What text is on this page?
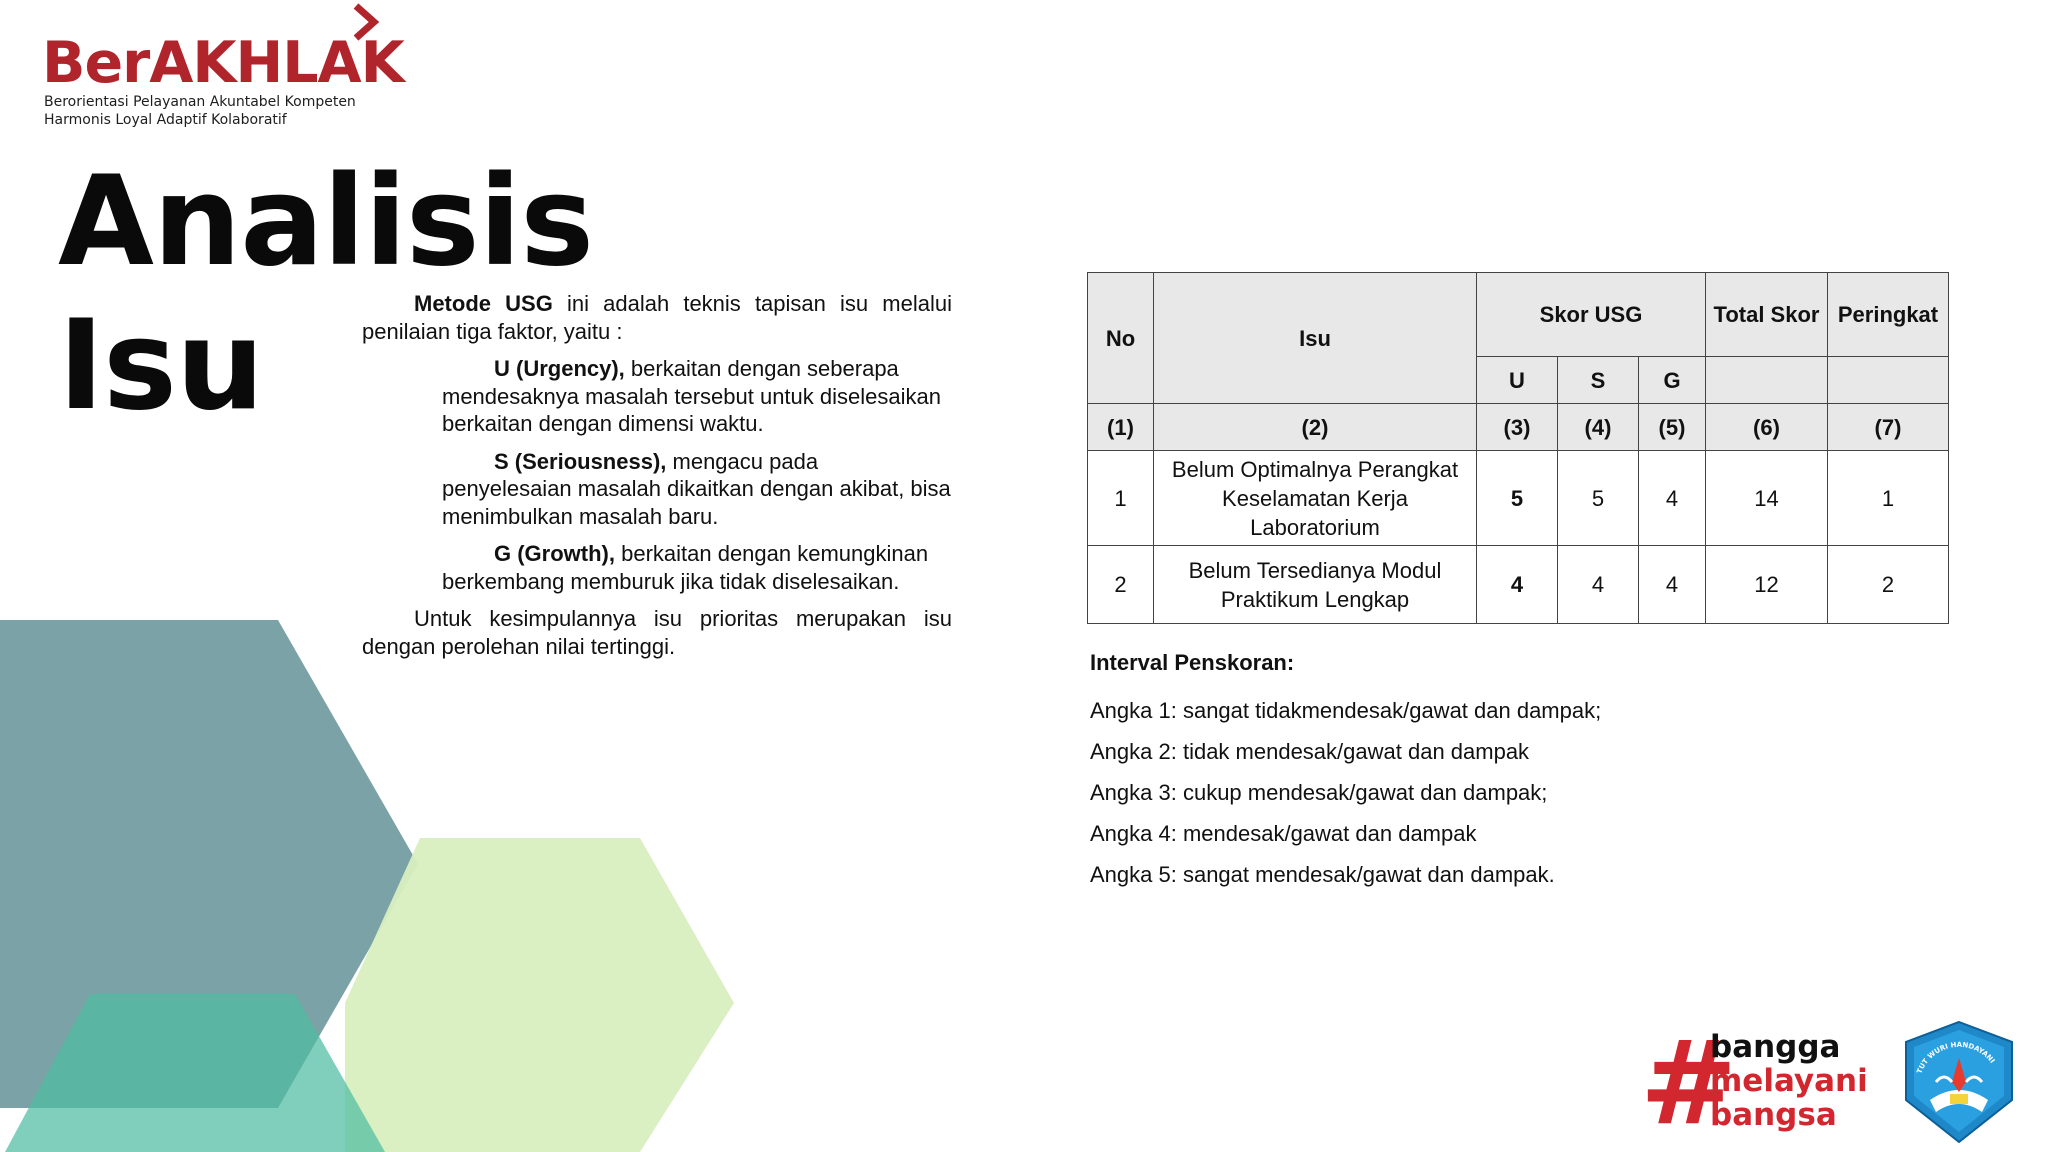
BerAKHLAK
Berorientasi Pelayanan Akuntabel Kompeten
Harmonis Loyal Adaptif Kolaboratif
Analisis
Isu	Metode USG ini adalah teknis tapisan isu melalui penilaian tiga faktor, yaitu :

U (Urgency), berkaitan dengan seberapa mendesaknya masalah tersebut untuk diselesaikan berkaitan dengan dimensi waktu.

S (Seriousness), mengacu pada penyelesaian masalah dikaitkan dengan akibat, bisa menimbulkan masalah baru.

G (Growth), berkaitan dengan kemungkinan berkembang memburuk jika tidak diselesaikan.

Untuk kesimpulannya isu prioritas merupakan isu dengan perolehan nilai tertinggi.

No	Isu	Skor USG			Total Skor	Peringkat
		U	S	G		
(1)	(2)	(3)	(4)	(5)	(6)	(7)
1	Belum Optimalnya Perangkat Keselamatan Kerja Laboratorium	5	5	4	14	1
2	Belum Tersedianya Modul Praktikum Lengkap	4	4	4	12	2

Interval Penskoran:

Angka 1: sangat tidakmendesak/gawat dan dampak;
Angka 2: tidak mendesak/gawat dan dampak
Angka 3: cukup mendesak/gawat dan dampak;
Angka 4: mendesak/gawat dan dampak
Angka 5: sangat mendesak/gawat dan dampak.
#
bangga
melayani
bangsa
TUT WURI HANDAYANI
